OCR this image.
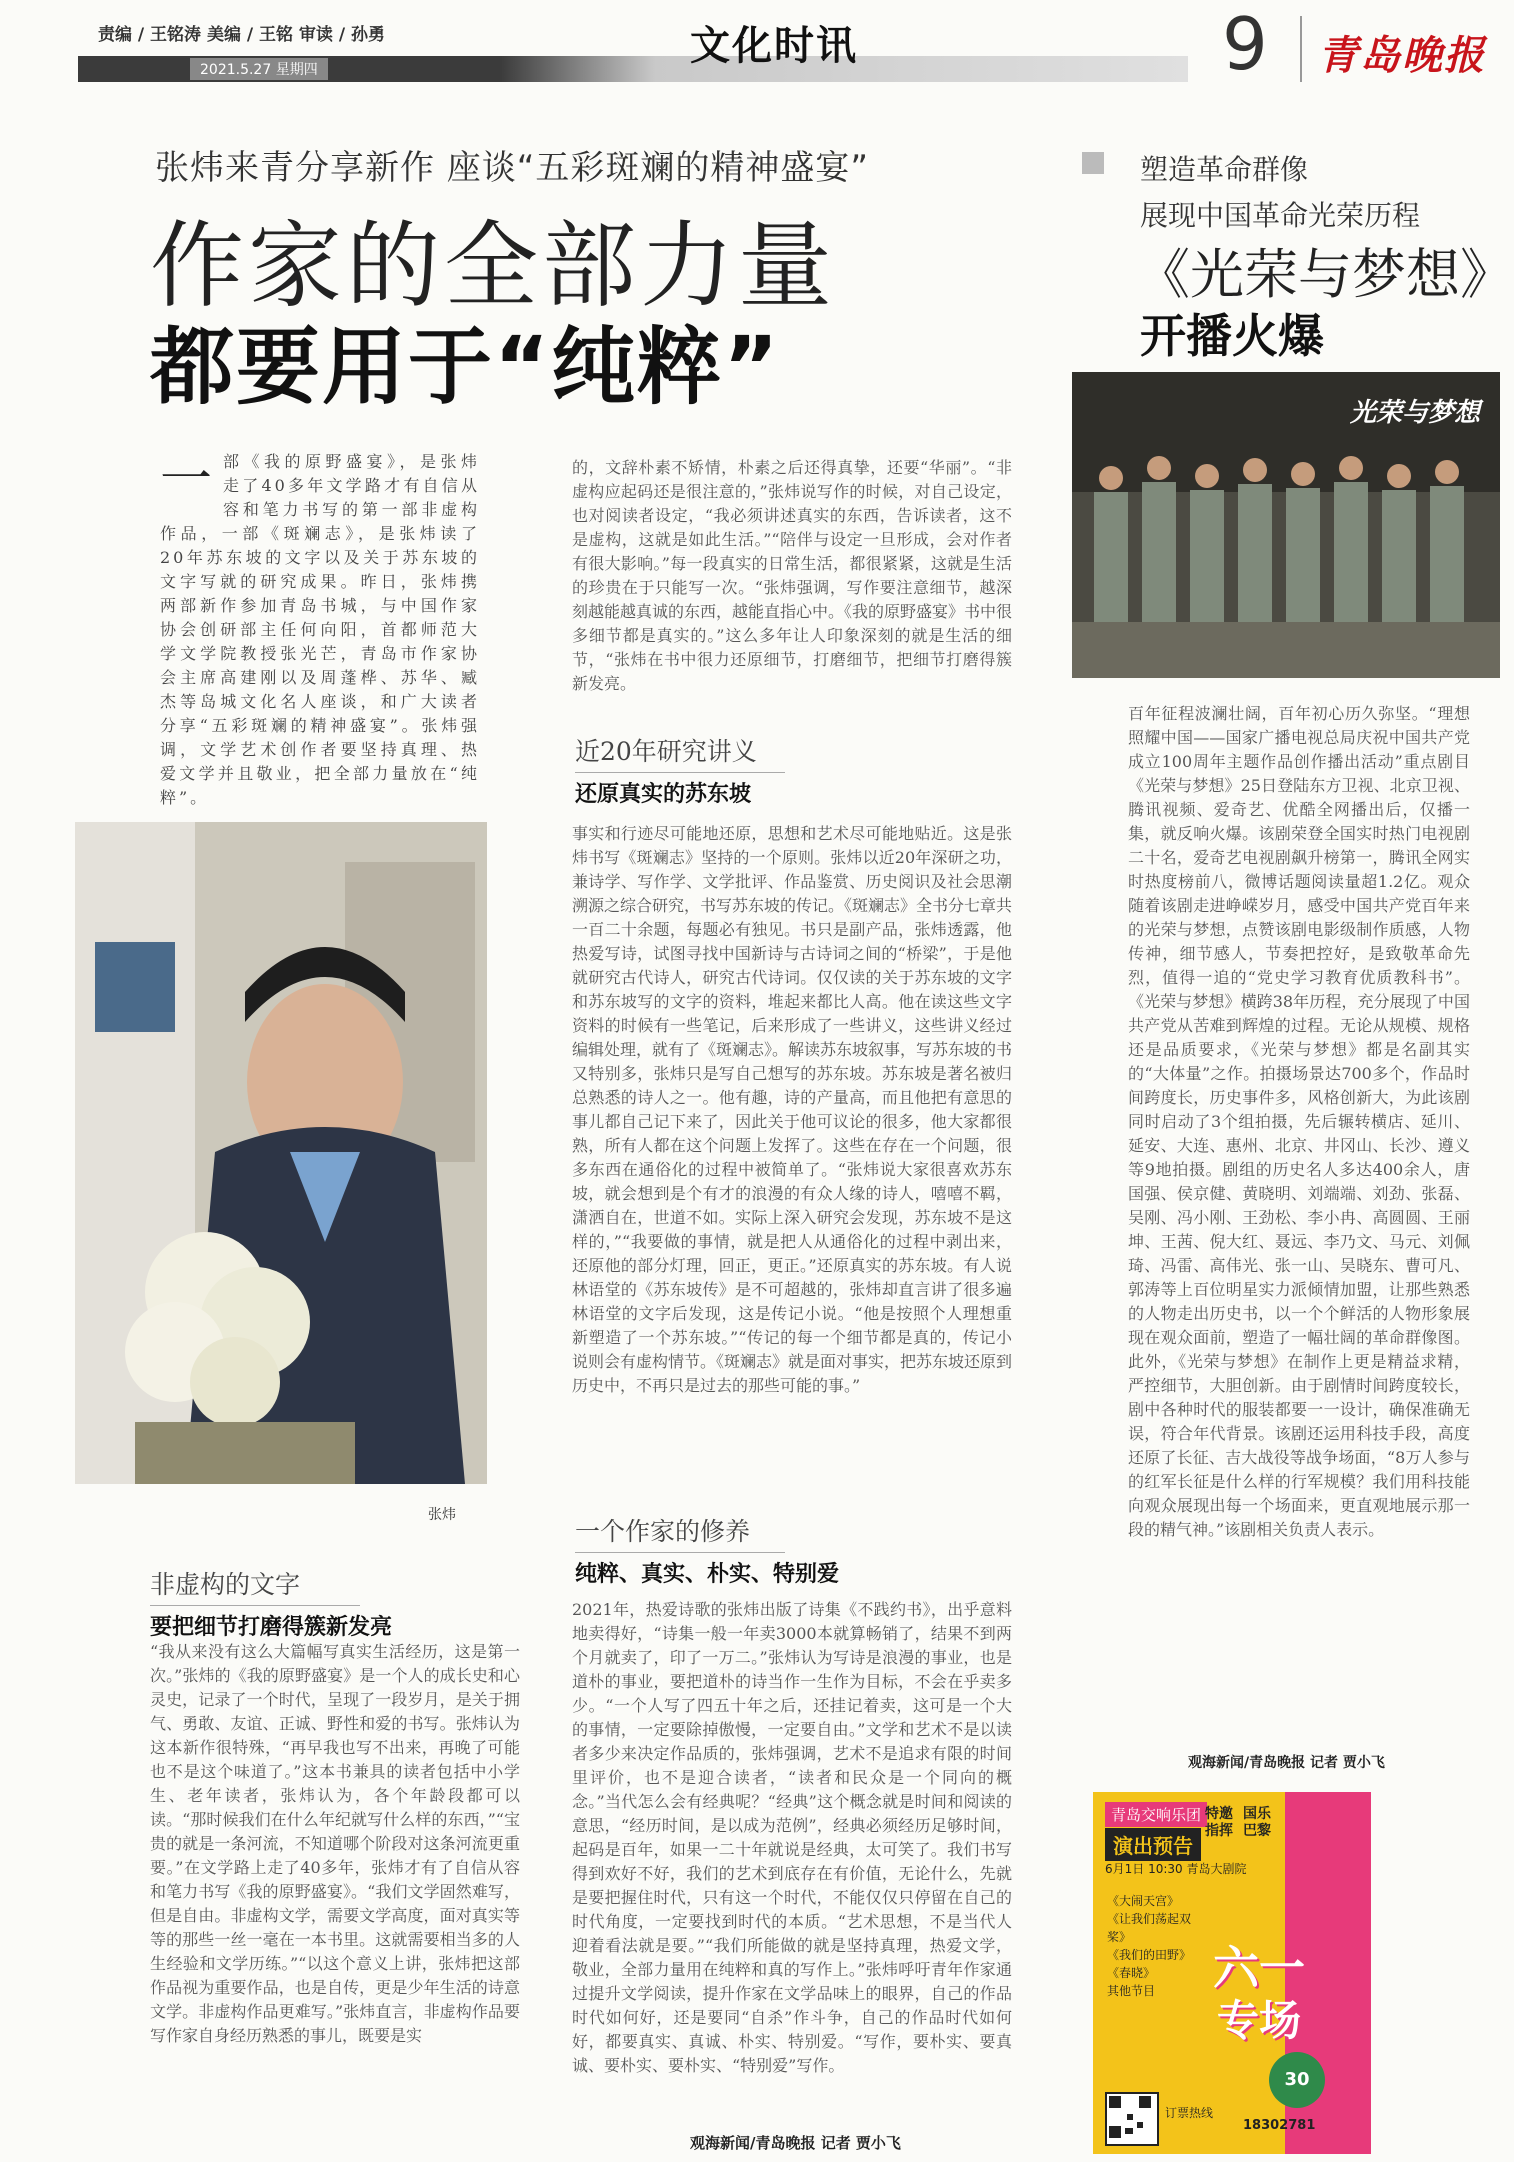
责编 / 王铭涛 美编 / 王铭 审读 / 孙勇
2021.5.27 星期四
文化时讯	9 青岛晚报
张炜来青分享新作 座谈“五彩斑斓的精神盛宴”
作家的全部力量
都要用于“纯粹”
一 部《我的原野盛宴》，是张炜走了40多年文学路才有自信从容和笔力书写的第一部非虚构作品，一部《斑斓志》，是张炜读了20年苏东坡的文字以及关于苏东坡的文字写就的研究成果。昨日，张炜携两部新作参加青岛书城，与中国作家协会创研部主任何向阳，首都师范大学文学院教授张光芒，青岛市作家协会主席高建刚以及周蓬桦、苏华、臧杰等岛城文化名人座谈，和广大读者分享“五彩斑斓的精神盛宴”。张炜强调，文学艺术创作者要坚持真理、热爱文学并且敬业，把全部力量放在“纯粹”。
张炜
非虚构的文字
要把细节打磨得簇新发亮
“我从来没有这么大篇幅写真实生活经历，这是第一次。”张炜的《我的原野盛宴》是一个人的成长史和心灵史，记录了一个时代，呈现了一段岁月，是关于拥气、勇敢、友谊、正诚、野性和爱的书写。张炜认为这本新作很特殊，“再早我也写不出来，再晚了可能也不是这个味道了。”这本书兼具的读者包括中小学生、老年读者，张炜认为，各个年龄段都可以读。“那时候我们在什么年纪就写什么样的东西，”“宝贵的就是一条河流，不知道哪个阶段对这条河流更重要。”在文学路上走了40多年，张炜才有了自信从容和笔力书写《我的原野盛宴》。“我们文学固然难写，但是自由。非虚构文学，需要文学高度，面对真实等等的那些一丝一毫在一本书里。这就需要相当多的人生经验和文学历练。”“以这个意义上讲，张炜把这部作品视为重要作品，也是自传，更是少年生活的诗意文学。非虚构作品更难写。”张炜直言，非虚构作品要写作家自身经历熟悉的事儿，既要是实
的，文辞朴素不矫情，朴素之后还得真挚，还要“华丽”。“非虚构应起码还是很注意的，”张炜说写作的时候，对自己设定，也对阅读者设定，“我必须讲述真实的东西，告诉读者，这不是虚构，这就是如此生活。”“陪伴与设定一旦形成，会对作者有很大影响。”每一段真实的日常生活，都很紧紧，这就是生活的珍贵在于只能写一次。“张炜强调，写作要注意细节，越深刻越能越真诚的东西，越能直指心中。《我的原野盛宴》书中很多细节都是真实的。”这么多年让人印象深刻的就是生活的细节，“张炜在书中很力还原细节，打磨细节，把细节打磨得簇新发亮。
近20年研究讲义
还原真实的苏东坡
事实和行迹尽可能地还原，思想和艺术尽可能地贴近。这是张炜书写《斑斓志》坚持的一个原则。张炜以近20年深研之功，兼诗学、写作学、文学批评、作品鉴赏、历史阅识及社会思潮溯源之综合研究，书写苏东坡的传记。《斑斓志》全书分七章共一百二十余题，每题必有独见。书只是副产品，张炜透露，他热爱写诗，试图寻找中国新诗与古诗词之间的“桥梁”，于是他就研究古代诗人，研究古代诗词。仅仅读的关于苏东坡的文字和苏东坡写的文字的资料，堆起来都比人高。他在读这些文字资料的时候有一些笔记，后来形成了一些讲义，这些讲义经过编辑处理，就有了《斑斓志》。解读苏东坡叙事，写苏东坡的书又特别多，张炜只是写自己想写的苏东坡。苏东坡是著名被归总熟悉的诗人之一。他有趣，诗的产量高，而且他把有意思的事儿都自己记下来了，因此关于他可议论的很多，他大家都很熟，所有人都在这个问题上发挥了。这些在存在一个问题，很多东西在通俗化的过程中被简单了。“张炜说大家很喜欢苏东坡，就会想到是个有才的浪漫的有众人缘的诗人，嘻嘻不羁，潇洒自在，世道不如。实际上深入研究会发现，苏东坡不是这样的，”“我要做的事情，就是把人从通俗化的过程中剥出来，还原他的部分灯理，回正，更正。”还原真实的苏东坡。有人说林语堂的《苏东坡传》是不可超越的，张炜却直言讲了很多遍林语堂的文字后发现，这是传记小说。“他是按照个人理想重新塑造了一个苏东坡。”“传记的每一个细节都是真的，传记小说则会有虚构情节。《斑斓志》就是面对事实，把苏东坡还原到历史中，不再只是过去的那些可能的事。”
一个作家的修养
纯粹、真实、朴实、特别爱
2021年，热爱诗歌的张炜出版了诗集《不践约书》，出乎意料地卖得好，“诗集一般一年卖3000本就算畅销了，结果不到两个月就卖了，印了一万二。”张炜认为写诗是浪漫的事业，也是道朴的事业，要把道朴的诗当作一生作为目标，不会在乎卖多少。“一个人写了四五十年之后，还挂记着卖，这可是一个大的事情，一定要除掉傲慢，一定要自由。”文学和艺术不是以读者多少来决定作品质的，张炜强调，艺术不是追求有限的时间里评价，也不是迎合读者，“读者和民众是一个同向的概念。”当代怎么会有经典呢？“经典”这个概念就是时间和阅读的意思，“经历时间，是以成为范例”，经典必须经历足够时间，起码是百年，如果一二十年就说是经典，太可笑了。我们书写得到欢好不好，我们的艺术到底存在有价值，无论什么，先就是要把握住时代，只有这一个时代，不能仅仅只停留在自己的时代角度，一定要找到时代的本质。“艺术思想，不是当代人迎着看法就是要。”“我们所能做的就是坚持真理，热爱文学，敬业，全部力量用在纯粹和真的写作上。”张炜呼吁青年作家通过提升文学阅读，提升作家在文学品味上的眼界，自己的作品时代如何好，还是要同“自杀”作斗争，自己的作品时代如何好，都要真实、真诚、朴实、特别爱。“写作，要朴实、要真诚、要朴实、要朴实、“特别爱”写作。
观海新闻/青岛晚报 记者 贾小飞
塑造革命群像
展现中国革命光荣历程
《光荣与梦想》
开播火爆
光荣与梦想
百年征程波澜壮阔，百年初心历久弥坚。“理想照耀中国——国家广播电视总局庆祝中国共产党成立100周年主题作品创作播出活动”重点剧目《光荣与梦想》25日登陆东方卫视、北京卫视、腾讯视频、爱奇艺、优酷全网播出后，仅播一集，就反响火爆。该剧荣登全国实时热门电视剧二十名，爱奇艺电视剧飙升榜第一，腾讯全网实时热度榜前八，微博话题阅读量超1.2亿。观众随着该剧走进峥嵘岁月，感受中国共产党百年来的光荣与梦想，点赞该剧电影级制作质感，人物传神，细节感人，节奏把控好，是致敬革命先烈，值得一追的“党史学习教育优质教科书”。《光荣与梦想》横跨38年历程，充分展现了中国共产党从苦难到辉煌的过程。无论从规模、规格还是品质要求，《光荣与梦想》都是名副其实的“大体量”之作。拍摄场景达700多个，作品时间跨度长，历史事件多，风格创新大，为此该剧同时启动了3个组拍摄，先后辗转横店、延川、延安、大连、惠州、北京、井冈山、长沙、遵义等9地拍摄。剧组的历史名人多达400余人，唐国强、侯京健、黄晓明、刘端端、刘劲、张磊、吴刚、冯小刚、王劲松、李小冉、高圆圆、王丽坤、王茜、倪大红、聂远、李乃文、马元、刘佩琦、冯雷、高伟光、张一山、吴晓东、曹可凡、郭涛等上百位明星实力派倾情加盟，让那些熟悉的人物走出历史书，以一个个鲜活的人物形象展现在观众面前，塑造了一幅壮阔的革命群像图。此外，《光荣与梦想》在制作上更是精益求精，严控细节，大胆创新。由于剧情时间跨度较长，剧中各种时代的服装都要一一设计，确保准确无误，符合年代背景。该剧还运用科技手段，高度还原了长征、吉大战役等战争场面，“8万人参与的红军长征是什么样的行军规模？我们用科技能向观众展现出每一个场面来，更直观地展示那一段的精气神。”该剧相关负责人表示。
观海新闻/青岛晚报 记者 贾小飞
青岛交响乐团
演出预告
6月1日 10:30 青岛大剧院
特邀指挥
国乐巴黎
《大闹天宫》
《让我们荡起双桨》
《我们的田野》
《春晓》
其他节目	六一
专场
30
订票热线
18302781
